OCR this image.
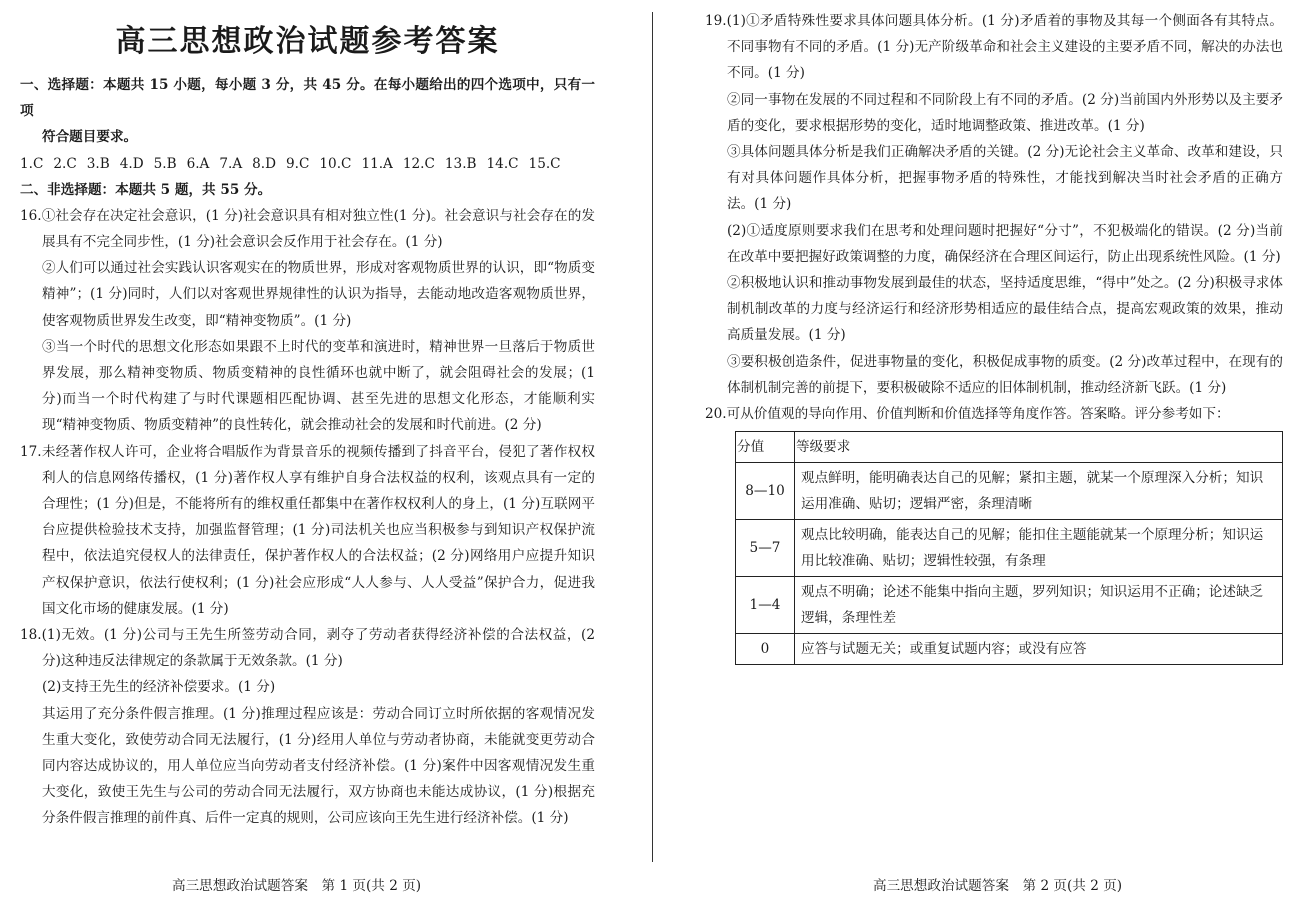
高三思想政治试题参考答案

一、选择题：本题共 15 小题，每小题 3 分，共 45 分。在每小题给出的四个选项中，只有一项

符合题目要求。

1.C 2.C 3.B 4.D 5.B 6.A 7.A 8.D 9.C 10.C 11.A 12.C 13.B 14.C 15.C

二、非选择题：本题共 5 题，共 55 分。

16.①社会存在决定社会意识，(1 分)社会意识具有相对独立性(1 分)。社会意识与社会存在的发展具有不完全同步性，(1 分)社会意识会反作用于社会存在。(1 分)

②人们可以通过社会实践认识客观实在的物质世界，形成对客观物质世界的认识，即“物质变精神”；(1 分)同时，人们以对客观世界规律性的认识为指导，去能动地改造客观物质世界，使客观物质世界发生改变，即“精神变物质”。(1 分)

③当一个时代的思想文化形态如果跟不上时代的变革和演进时，精神世界一旦落后于物质世界发展，那么精神变物质、物质变精神的良性循环也就中断了，就会阻碍社会的发展；(1 分)而当一个时代构建了与时代课题相匹配协调、甚至先进的思想文化形态，才能顺利实现“精神变物质、物质变精神”的良性转化，就会推动社会的发展和时代前进。(2 分)

17.未经著作权人许可，企业将合唱版作为背景音乐的视频传播到了抖音平台，侵犯了著作权权利人的信息网络传播权，(1 分)著作权人享有维护自身合法权益的权利，该观点具有一定的合理性；(1 分)但是，不能将所有的维权重任都集中在著作权权利人的身上，(1 分)互联网平台应提供检验技术支持，加强监督管理；(1 分)司法机关也应当积极参与到知识产权保护流程中，依法追究侵权人的法律责任，保护著作权人的合法权益；(2 分)网络用户应提升知识产权保护意识，依法行使权利；(1 分)社会应形成“人人参与、人人受益”保护合力，促进我国文化市场的健康发展。(1 分)

18.(1)无效。(1 分)公司与王先生所签劳动合同，剥夺了劳动者获得经济补偿的合法权益，(2 分)这种违反法律规定的条款属于无效条款。(1 分)

(2)支持王先生的经济补偿要求。(1 分)

其运用了充分条件假言推理。(1 分)推理过程应该是：劳动合同订立时所依据的客观情况发生重大变化，致使劳动合同无法履行，(1 分)经用人单位与劳动者协商，未能就变更劳动合同内容达成协议的，用人单位应当向劳动者支付经济补偿。(1 分)案件中因客观情况发生重大变化，致使王先生与公司的劳动合同无法履行，双方协商也未能达成协议，(1 分)根据充分条件假言推理的前件真、后件一定真的规则，公司应该向王先生进行经济补偿。(1 分)

19.(1)①矛盾特殊性要求具体问题具体分析。(1 分)矛盾着的事物及其每一个侧面各有其特点。不同事物有不同的矛盾。(1 分)无产阶级革命和社会主义建设的主要矛盾不同，解决的办法也不同。(1 分)

②同一事物在发展的不同过程和不同阶段上有不同的矛盾。(2 分)当前国内外形势以及主要矛盾的变化，要求根据形势的变化，适时地调整政策、推进改革。(1 分)

③具体问题具体分析是我们正确解决矛盾的关键。(2 分)无论社会主义革命、改革和建设，只有对具体问题作具体分析，把握事物矛盾的特殊性，才能找到解决当时社会矛盾的正确方法。(1 分)

(2)①适度原则要求我们在思考和处理问题时把握好“分寸”，不犯极端化的错误。(2 分)当前在改革中要把握好政策调整的力度，确保经济在合理区间运行，防止出现系统性风险。(1 分)

②积极地认识和推动事物发展到最佳的状态，坚持适度思维，“得中”处之。(2 分)积极寻求体制机制改革的力度与经济运行和经济形势相适应的最佳结合点，提高宏观政策的效果，推动高质量发展。(1 分)

③要积极创造条件，促进事物量的变化，积极促成事物的质变。(2 分)改革过程中，在现有的体制机制完善的前提下，要积极破除不适应的旧体制机制，推动经济新飞跃。(1 分)

20.可从价值观的导向作用、价值判断和价值选择等角度作答。答案略。评分参考如下：

分值	等级要求
8—10	观点鲜明，能明确表达自己的见解；紧扣主题，就某一个原理深入分析；知识运用准确、贴切；逻辑严密，条理清晰
5—7	观点比较明确，能表达自己的见解；能扣住主题能就某一个原理分析；知识运用比较准确、贴切；逻辑性较强，有条理
1—4	观点不明确；论述不能集中指向主题，罗列知识；知识运用不正确；论述缺乏逻辑，条理性差
0	应答与试题无关；或重复试题内容；或没有应答
高三思想政治试题答案　第 1 页(共 2 页)	高三思想政治试题答案　第 2 页(共 2 页)
